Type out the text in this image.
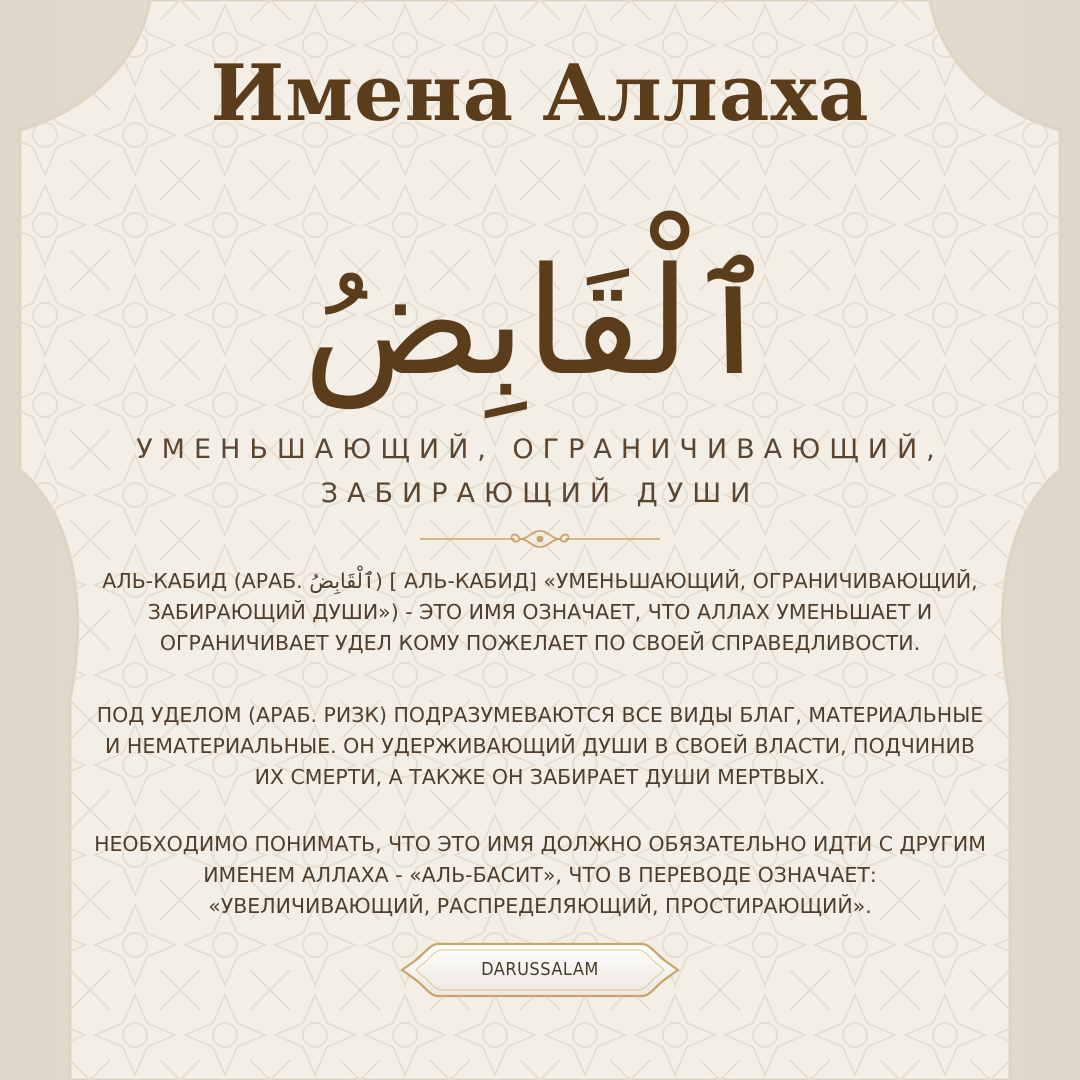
Имена Аллаха
ٱلْقَابِضُ
УМЕНЬШАЮЩИЙ, ОГРАНИЧИВАЮЩИЙ,
ЗАБИРАЮЩИЙ ДУШИ
АЛЬ-КАБИД (АРАБ. ٱلْقَابِضُ) [ АЛЬ-КАБИД] «УМЕНЬШАЮЩИЙ, ОГРАНИЧИВАЮЩИЙ,
ЗАБИРАЮЩИЙ ДУШИ») - ЭТО ИМЯ ОЗНАЧАЕТ, ЧТО АЛЛАХ УМЕНЬШАЕТ И
ОГРАНИЧИВАЕТ УДЕЛ КОМУ ПОЖЕЛАЕТ ПО СВОЕЙ СПРАВЕДЛИВОСТИ.
ПОД УДЕЛОМ (АРАБ. РИЗК) ПОДРАЗУМЕВАЮТСЯ ВСЕ ВИДЫ БЛАГ, МАТЕРИАЛЬНЫЕ
И НЕМАТЕРИАЛЬНЫЕ. ОН УДЕРЖИВАЮЩИЙ ДУШИ В СВОЕЙ ВЛАСТИ, ПОДЧИНИВ
ИХ СМЕРТИ, А ТАКЖЕ ОН ЗАБИРАЕТ ДУШИ МЕРТВЫХ.
НЕОБХОДИМО ПОНИМАТЬ, ЧТО ЭТО ИМЯ ДОЛЖНО ОБЯЗАТЕЛЬНО ИДТИ С ДРУГИМ
ИМЕНЕМ АЛЛАХА - «АЛЬ-БАСИТ», ЧТО В ПЕРЕВОДЕ ОЗНАЧАЕТ:
«УВЕЛИЧИВАЮЩИЙ, РАСПРЕДЕЛЯЮЩИЙ, ПРОСТИРАЮЩИЙ».
DARUSSALAM
